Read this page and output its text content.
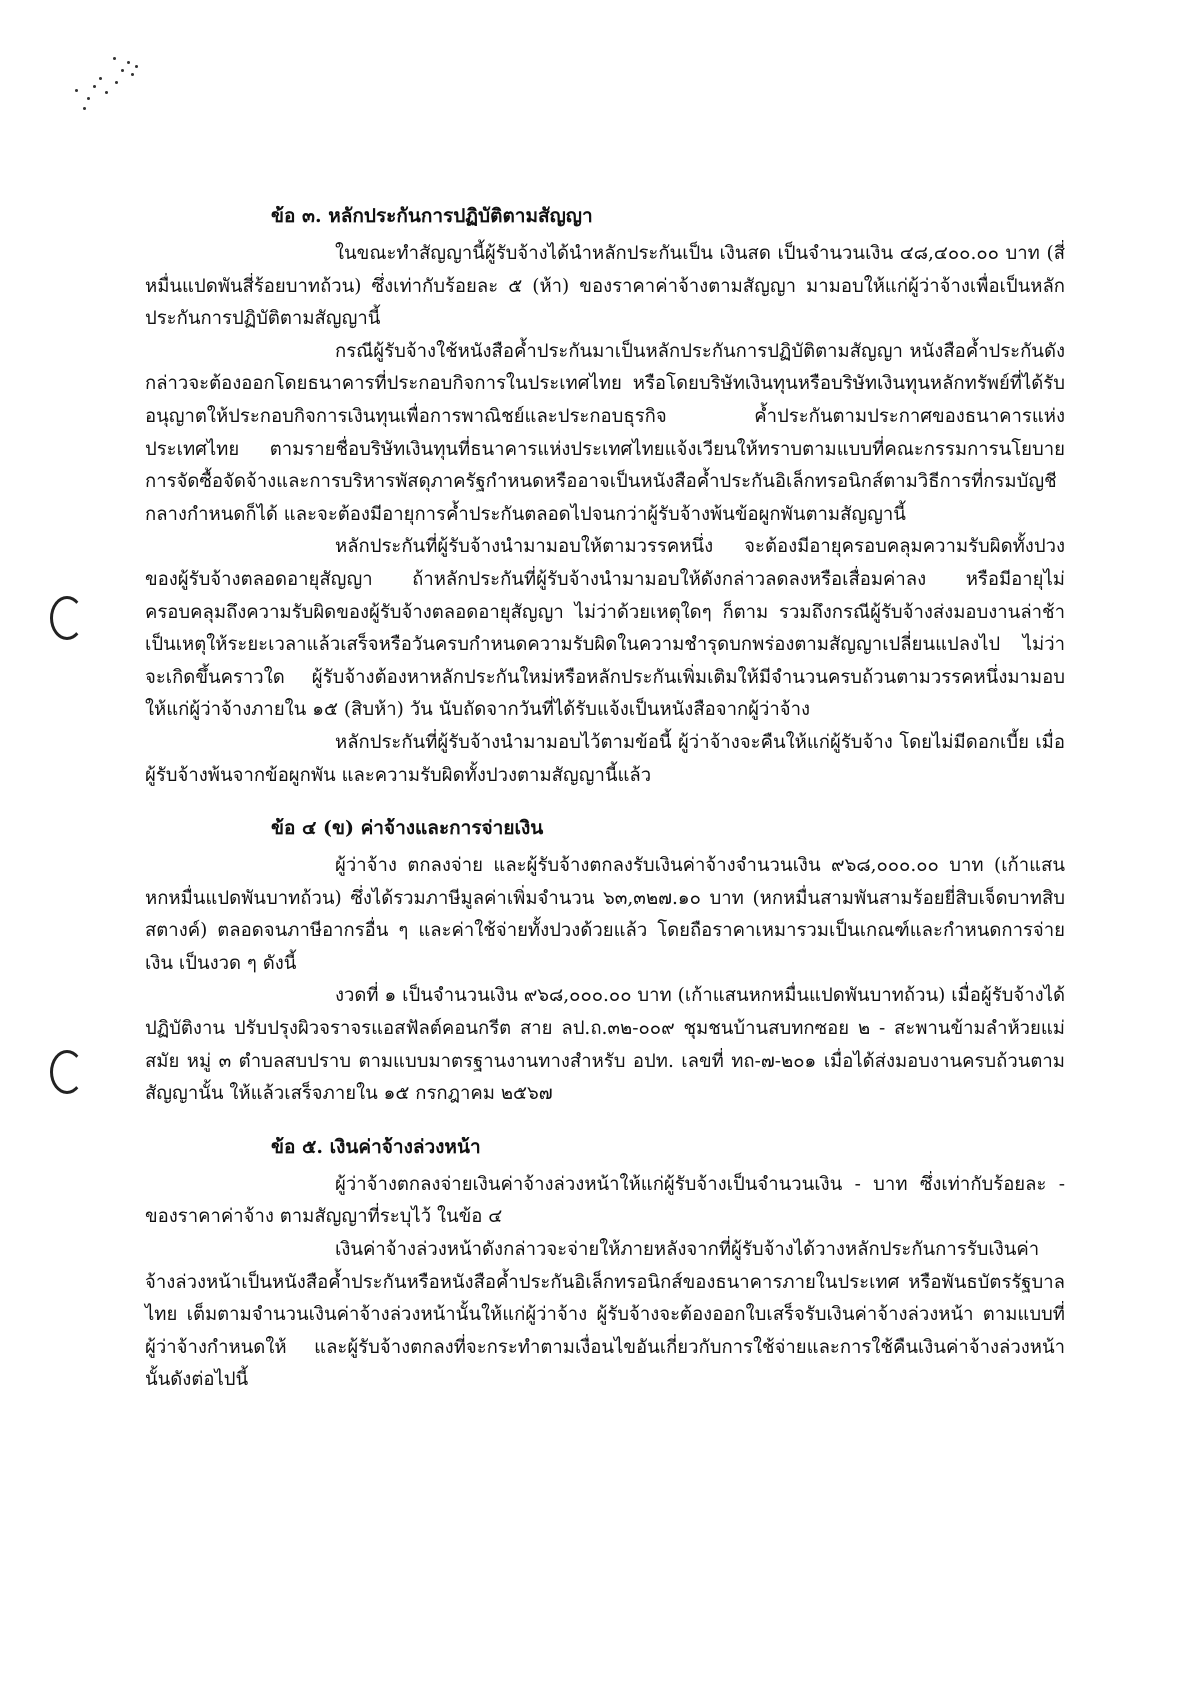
ข้อ ๓. หลักประกันการปฏิบัติตามสัญญา

ในขณะทำสัญญานี้ผู้รับจ้างได้นำหลักประกันเป็น เงินสด เป็นจำนวนเงิน ๔๘,๔๐๐.๐๐ บาท (สี่หมื่นแปดพันสี่ร้อยบาทถ้วน) ซึ่งเท่ากับร้อยละ ๕ (ห้า) ของราคาค่าจ้างตามสัญญา มามอบให้แก่ผู้ว่าจ้างเพื่อเป็นหลักประกันการปฏิบัติตามสัญญานี้

กรณีผู้รับจ้างใช้หนังสือค้ำประกันมาเป็นหลักประกันการปฏิบัติตามสัญญา หนังสือค้ำประกันดังกล่าวจะต้องออกโดยธนาคารที่ประกอบกิจการในประเทศไทย หรือโดยบริษัทเงินทุนหรือบริษัทเงินทุนหลักทรัพย์ที่ได้รับอนุญาตให้ประกอบกิจการเงินทุนเพื่อการพาณิชย์และประกอบธุรกิจ ค้ำประกันตามประกาศของธนาคารแห่งประเทศไทย ตามรายชื่อบริษัทเงินทุนที่ธนาคารแห่งประเทศไทยแจ้งเวียนให้ทราบตามแบบที่คณะกรรมการนโยบายการจัดซื้อจัดจ้างและการบริหารพัสดุภาครัฐกำหนดหรืออาจเป็นหนังสือค้ำประกันอิเล็กทรอนิกส์ตามวิธีการที่กรมบัญชีกลางกำหนดก็ได้ และจะต้องมีอายุการค้ำประกันตลอดไปจนกว่าผู้รับจ้างพ้นข้อผูกพันตามสัญญานี้

หลักประกันที่ผู้รับจ้างนำมามอบให้ตามวรรคหนึ่ง จะต้องมีอายุครอบคลุมความรับผิดทั้งปวงของผู้รับจ้างตลอดอายุสัญญา ถ้าหลักประกันที่ผู้รับจ้างนำมามอบให้ดังกล่าวลดลงหรือเสื่อมค่าลง หรือมีอายุไม่ครอบคลุมถึงความรับผิดของผู้รับจ้างตลอดอายุสัญญา ไม่ว่าด้วยเหตุใดๆ ก็ตาม รวมถึงกรณีผู้รับจ้างส่งมอบงานล่าช้าเป็นเหตุให้ระยะเวลาแล้วเสร็จหรือวันครบกำหนดความรับผิดในความชำรุดบกพร่องตามสัญญาเปลี่ยนแปลงไป ไม่ว่าจะเกิดขึ้นคราวใด ผู้รับจ้างต้องหาหลักประกันใหม่หรือหลักประกันเพิ่มเติมให้มีจำนวนครบถ้วนตามวรรคหนึ่งมามอบให้แก่ผู้ว่าจ้างภายใน ๑๕ (สิบห้า) วัน นับถัดจากวันที่ได้รับแจ้งเป็นหนังสือจากผู้ว่าจ้าง

หลักประกันที่ผู้รับจ้างนำมามอบไว้ตามข้อนี้ ผู้ว่าจ้างจะคืนให้แก่ผู้รับจ้าง โดยไม่มีดอกเบี้ย เมื่อผู้รับจ้างพ้นจากข้อผูกพัน และความรับผิดทั้งปวงตามสัญญานี้แล้ว

ข้อ ๔ (ข) ค่าจ้างและการจ่ายเงิน

ผู้ว่าจ้าง ตกลงจ่าย และผู้รับจ้างตกลงรับเงินค่าจ้างจำนวนเงิน ๙๖๘,๐๐๐.๐๐ บาท (เก้าแสนหกหมื่นแปดพันบาทถ้วน) ซึ่งได้รวมภาษีมูลค่าเพิ่มจำนวน ๖๓,๓๒๗.๑๐ บาท (หกหมื่นสามพันสามร้อยยี่สิบเจ็ดบาทสิบสตางค์) ตลอดจนภาษีอากรอื่น ๆ และค่าใช้จ่ายทั้งปวงด้วยแล้ว โดยถือราคาเหมารวมเป็นเกณฑ์และกำหนดการจ่ายเงิน เป็นงวด ๆ ดังนี้

งวดที่ ๑ เป็นจำนวนเงิน ๙๖๘,๐๐๐.๐๐ บาท (เก้าแสนหกหมื่นแปดพันบาทถ้วน) เมื่อผู้รับจ้างได้ปฏิบัติงาน ปรับปรุงผิวจราจรแอสฟัลต์คอนกรีต สาย ลป.ถ.๓๒-๐๐๙ ชุมชนบ้านสบทกซอย ๒ - สะพานข้ามลำห้วยแม่สมัย หมู่ ๓ ตำบลสบปราบ ตามแบบมาตรฐานงานทางสำหรับ อปท. เลขที่ ทถ-๗-๒๐๑ เมื่อได้ส่งมอบงานครบถ้วนตามสัญญานั้น ให้แล้วเสร็จภายใน ๑๕ กรกฎาคม ๒๕๖๗

ข้อ ๕. เงินค่าจ้างล่วงหน้า

ผู้ว่าจ้างตกลงจ่ายเงินค่าจ้างล่วงหน้าให้แก่ผู้รับจ้างเป็นจำนวนเงิน - บาท ซึ่งเท่ากับร้อยละ - ของราคาค่าจ้าง ตามสัญญาที่ระบุไว้ ในข้อ ๔

เงินค่าจ้างล่วงหน้าดังกล่าวจะจ่ายให้ภายหลังจากที่ผู้รับจ้างได้วางหลักประกันการรับเงินค่าจ้างล่วงหน้าเป็นหนังสือค้ำประกันหรือหนังสือค้ำประกันอิเล็กทรอนิกส์ของธนาคารภายในประเทศ หรือพันธบัตรรัฐบาลไทย เต็มตามจำนวนเงินค่าจ้างล่วงหน้านั้นให้แก่ผู้ว่าจ้าง ผู้รับจ้างจะต้องออกใบเสร็จรับเงินค่าจ้างล่วงหน้า ตามแบบที่ผู้ว่าจ้างกำหนดให้ และผู้รับจ้างตกลงที่จะกระทำตามเงื่อนไขอันเกี่ยวกับการใช้จ่ายและการใช้คืนเงินค่าจ้างล่วงหน้านั้นดังต่อไปนี้
